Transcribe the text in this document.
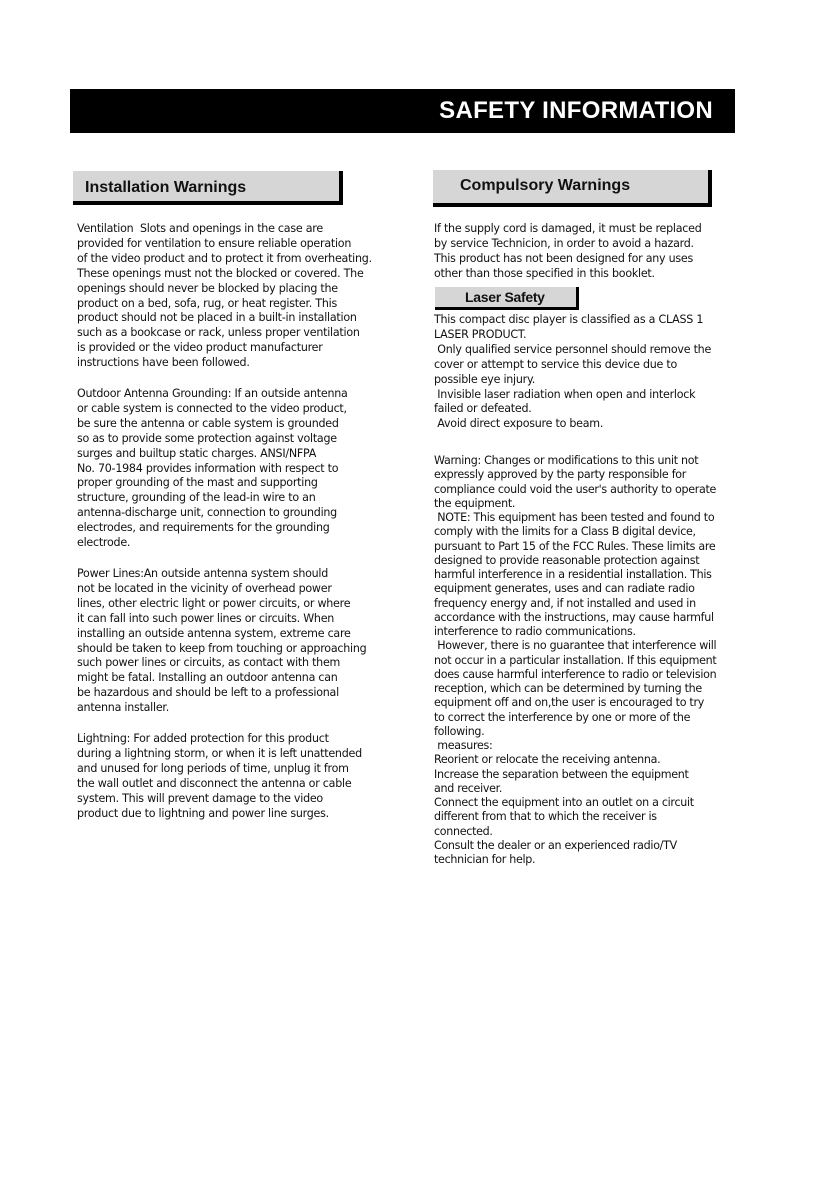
SAFETY INFORMATION
Installation Warnings	Compulsory Warnings
Ventilation  Slots and openings in the case are
provided for ventilation to ensure reliable operation
of the video product and to protect it from overheating.
These openings must not the blocked or covered. The
openings should never be blocked by placing the
product on a bed, sofa, rug, or heat register. This
product should not be placed in a built-in installation
such as a bookcase or rack, unless proper ventilation
is provided or the video product manufacturer
instructions have been followed.
Outdoor Antenna Grounding: If an outside antenna
or cable system is connected to the video product,
be sure the antenna or cable system is grounded
so as to provide some protection against voltage
surges and builtup static charges. ANSI/NFPA
No. 70-1984 provides information with respect to
proper grounding of the mast and supporting
structure, grounding of the lead-in wire to an
antenna-discharge unit, connection to grounding
electrodes, and requirements for the grounding
electrode.
Power Lines:An outside antenna system should
not be located in the vicinity of overhead power
lines, other electric light or power circuits, or where
it can fall into such power lines or circuits. When
installing an outside antenna system, extreme care
should be taken to keep from touching or approaching
such power lines or circuits, as contact with them
might be fatal. Installing an outdoor antenna can
be hazardous and should be left to a professional
antenna installer.
Lightning: For added protection for this product
during a lightning storm, or when it is left unattended
and unused for long periods of time, unplug it from
the wall outlet and disconnect the antenna or cable
system. This will prevent damage to the video
product due to lightning and power line surges.
If the supply cord is damaged, it must be replaced
by service Technicion, in order to avoid a hazard.
This product has not been designed for any uses
other than those specified in this booklet.
Laser Safety
This compact disc player is classified as a CLASS 1
LASER PRODUCT.
Only qualified service personnel should remove the
cover or attempt to service this device due to
possible eye injury.
Invisible laser radiation when open and interlock
failed or defeated.
Avoid direct exposure to beam.
Warning: Changes or modifications to this unit not
expressly approved by the party responsible for
compliance could void the user's authority to operate
the equipment.
NOTE: This equipment has been tested and found to
comply with the limits for a Class B digital device,
pursuant to Part 15 of the FCC Rules. These limits are
designed to provide reasonable protection against
harmful interference in a residential installation. This
equipment generates, uses and can radiate radio
frequency energy and, if not installed and used in
accordance with the instructions, may cause harmful
interference to radio communications.
However, there is no guarantee that interference will
not occur in a particular installation. If this equipment
does cause harmful interference to radio or television
reception, which can be determined by turning the
equipment off and on,the user is encouraged to try
to correct the interference by one or more of the
following.
measures:
Reorient or relocate the receiving antenna.
Increase the separation between the equipment
and receiver.
Connect the equipment into an outlet on a circuit
different from that to which the receiver is
connected.
Consult the dealer or an experienced radio/TV
technician for help.
